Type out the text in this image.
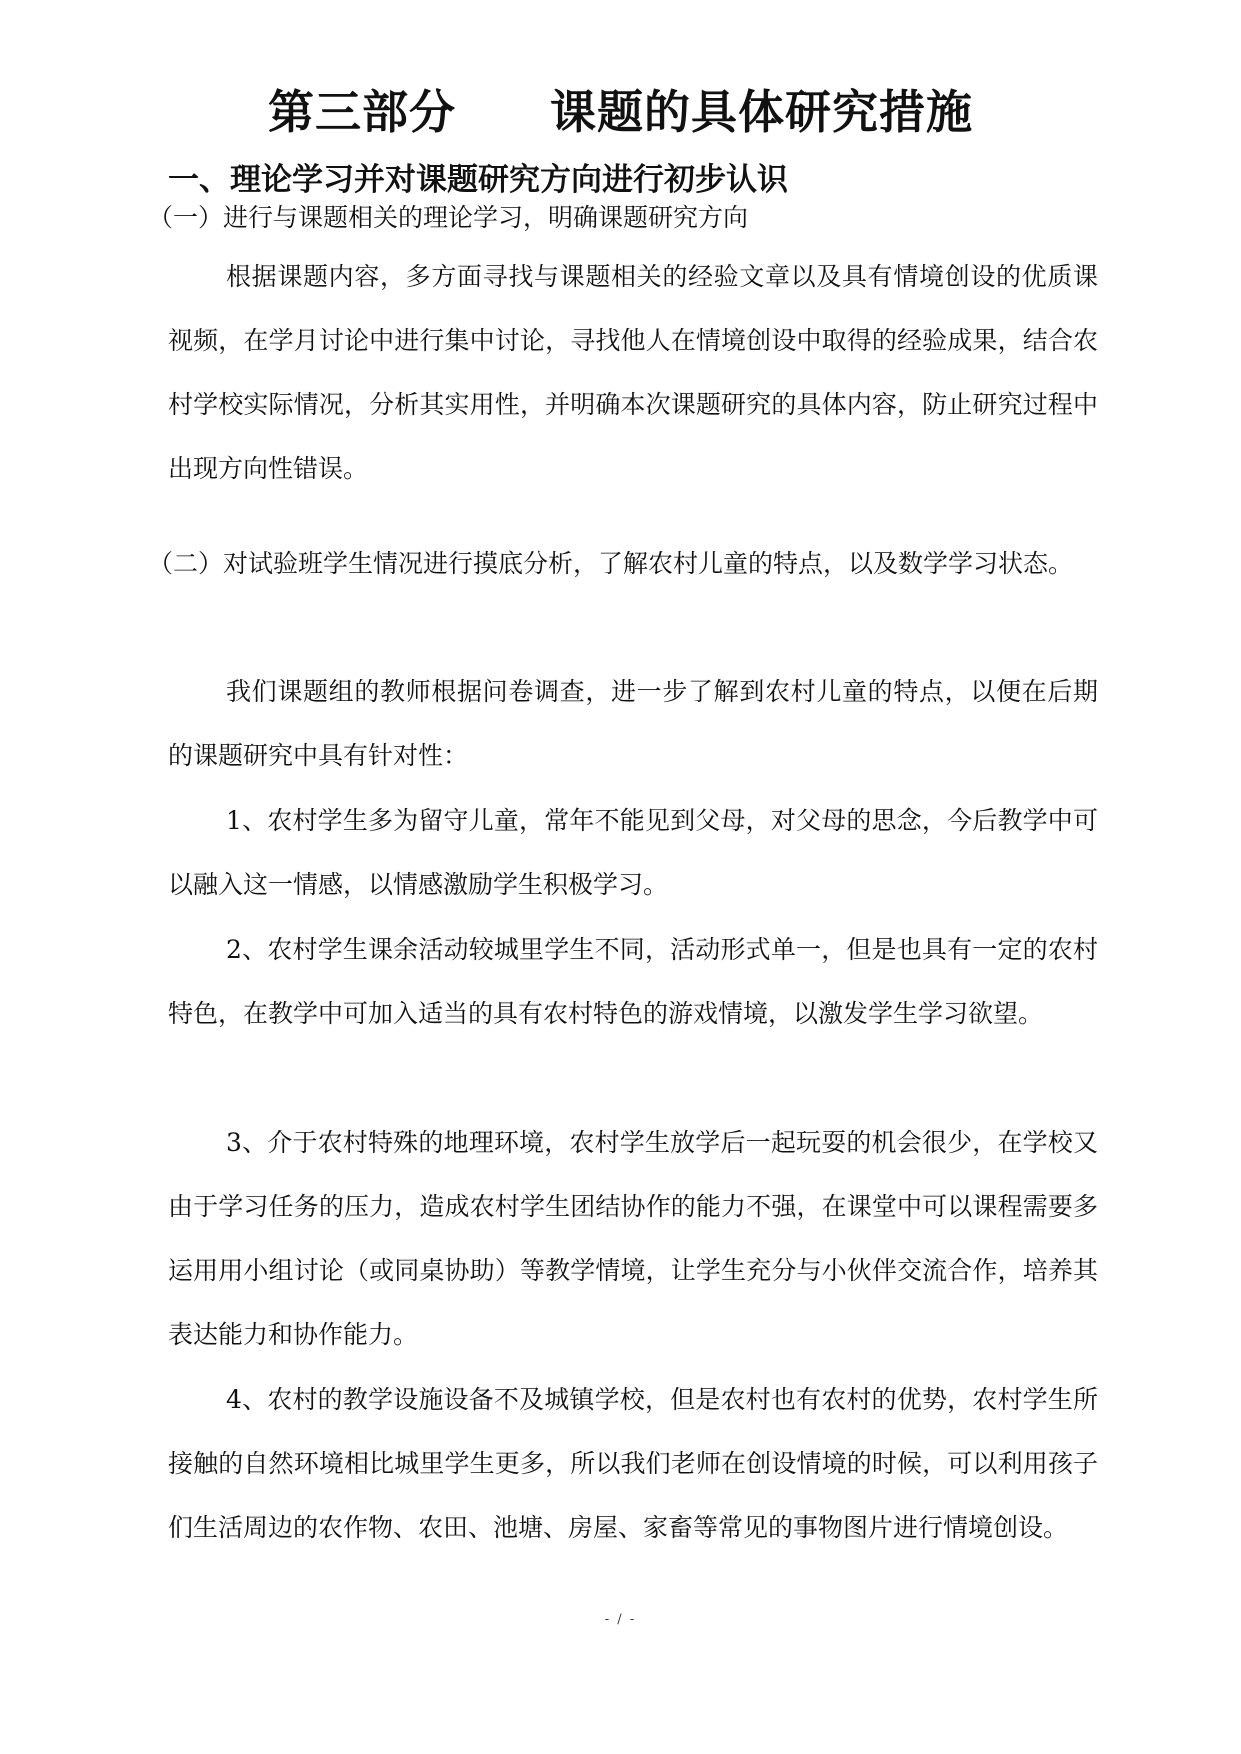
第三部分　　课题的具体研究措施
一、理论学习并对课题研究方向进行初步认识
（一）进行与课题相关的理论学习，明确课题研究方向

根据课题内容，多方面寻找与课题相关的经验文章以及具有情境创设的优质课视频，在学月讨论中进行集中讨论，寻找他人在情境创设中取得的经验成果，结合农村学校实际情况，分析其实用性，并明确本次课题研究的具体内容，防止研究过程中出现方向性错误。

（二）对试验班学生情况进行摸底分析，了解农村儿童的特点，以及数学学习状态。

我们课题组的教师根据问卷调查，进一步了解到农村儿童的特点，以便在后期的课题研究中具有针对性：

1、农村学生多为留守儿童，常年不能见到父母，对父母的思念，今后教学中可以融入这一情感，以情感激励学生积极学习。

2、农村学生课余活动较城里学生不同，活动形式单一，但是也具有一定的农村特色，在教学中可加入适当的具有农村特色的游戏情境，以激发学生学习欲望。

3、介于农村特殊的地理环境，农村学生放学后一起玩耍的机会很少，在学校又由于学习任务的压力，造成农村学生团结协作的能力不强，在课堂中可以课程需要多运用用小组讨论（或同桌协助）等教学情境，让学生充分与小伙伴交流合作，培养其表达能力和协作能力。

4、农村的教学设施设备不及城镇学校，但是农村也有农村的优势，农村学生所接触的自然环境相比城里学生更多，所以我们老师在创设情境的时候，可以利用孩子们生活周边的农作物、农田、池塘、房屋、家畜等常见的事物图片进行情境创设。

- / -
